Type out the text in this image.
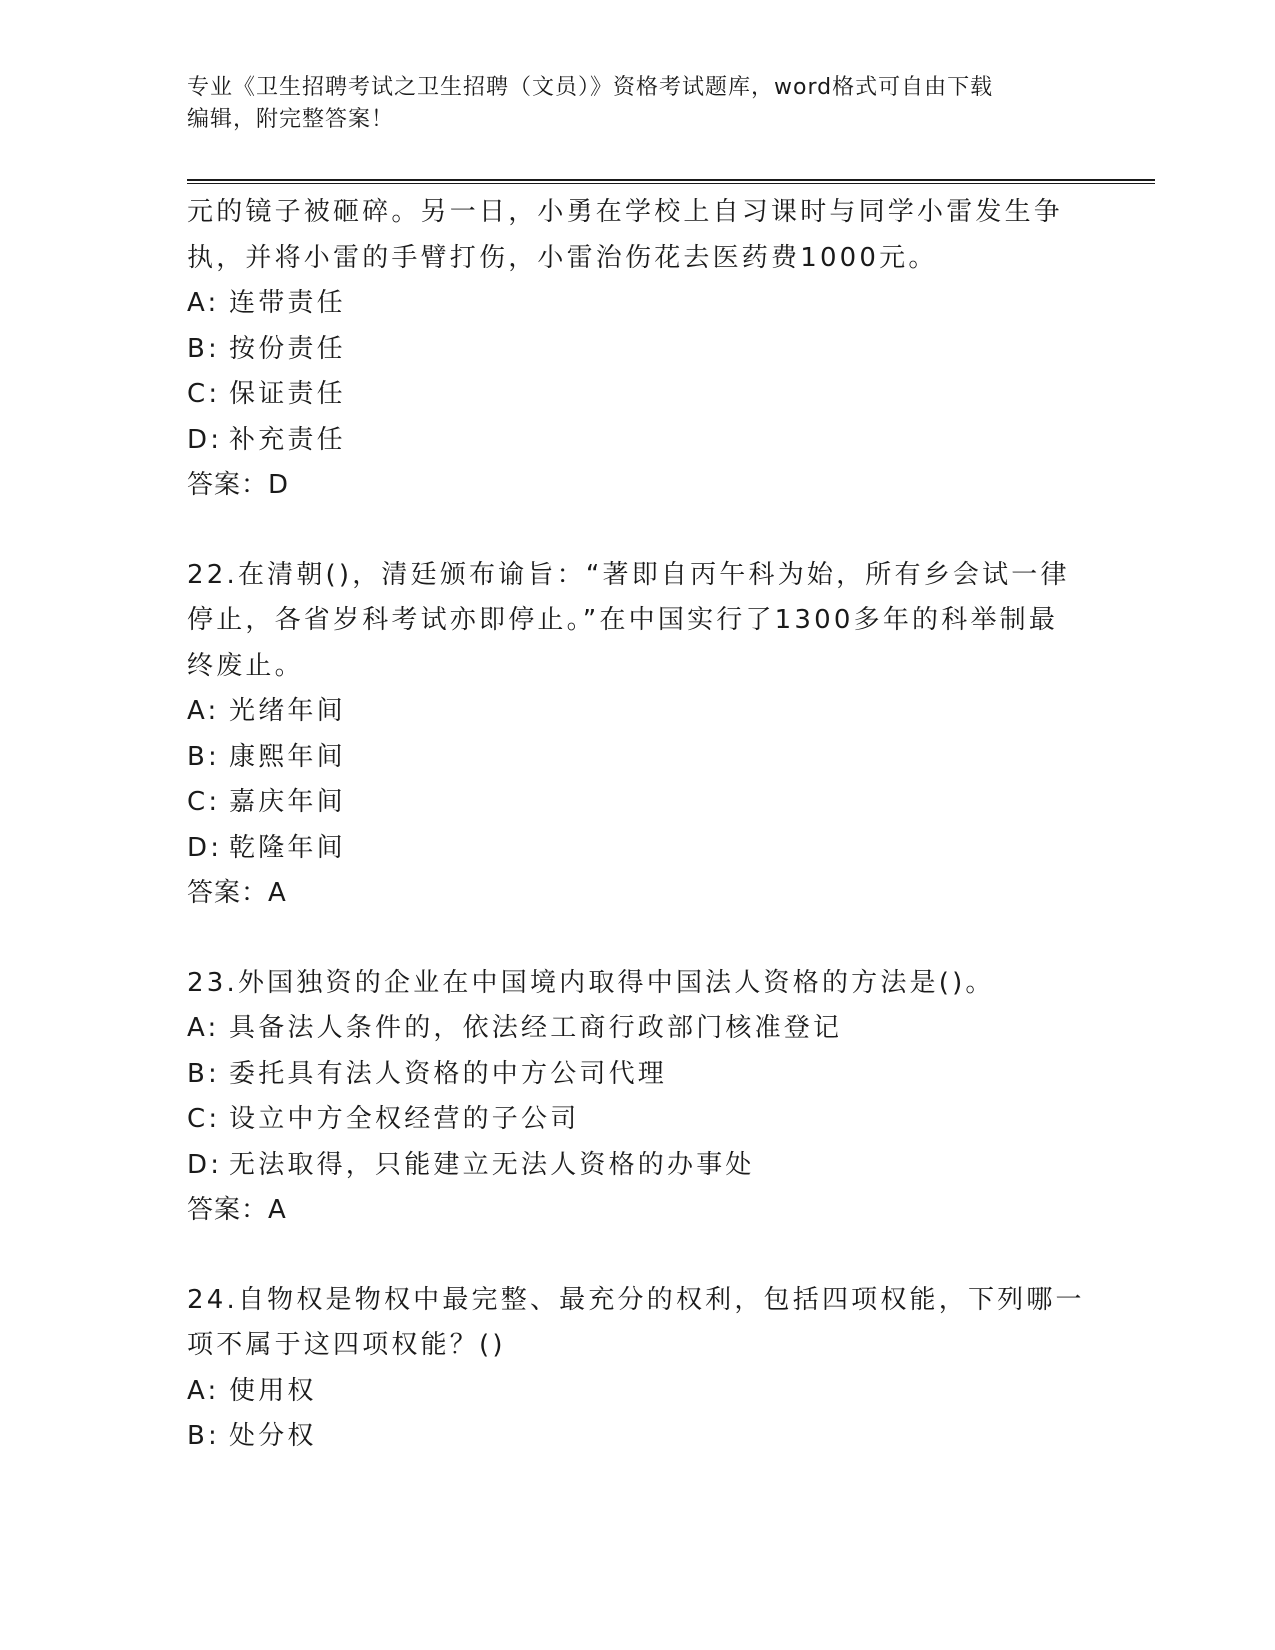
专业《卫生招聘考试之卫生招聘（文员）》资格考试题库，word格式可自由下载
编辑，附完整答案！
元的镜子被砸碎。另一日，小勇在学校上自习课时与同学小雷发生争
执，并将小雷的手臂打伤，小雷治伤花去医药费1000元。
A: 连带责任
B: 按份责任
C: 保证责任
D: 补充责任
答案：D
22.在清朝()，清廷颁布谕旨：“著即自丙午科为始，所有乡会试一律
停止，各省岁科考试亦即停止。”在中国实行了1300多年的科举制最
终废止。
A: 光绪年间
B: 康熙年间
C: 嘉庆年间
D: 乾隆年间
答案：A
23.外国独资的企业在中国境内取得中国法人资格的方法是()。
A: 具备法人条件的，依法经工商行政部门核准登记
B: 委托具有法人资格的中方公司代理
C: 设立中方全权经营的子公司
D: 无法取得，只能建立无法人资格的办事处
答案：A
24.自物权是物权中最完整、最充分的权利，包括四项权能，下列哪一
项不属于这四项权能？()
A: 使用权
B: 处分权
